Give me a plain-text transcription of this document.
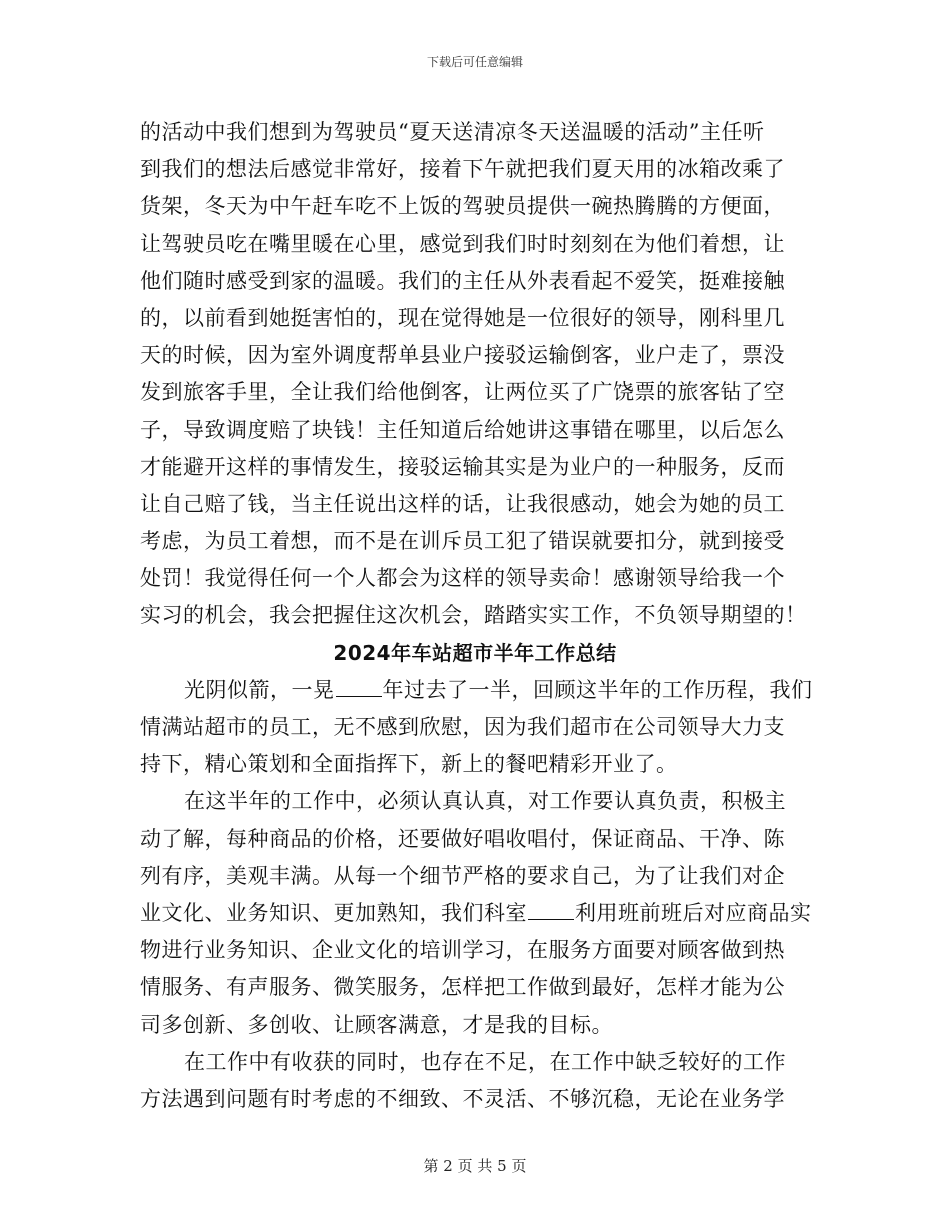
下载后可任意编辑
的活动中我们想到为驾驶员“夏天送清凉冬天送温暖的活动”主任听
到我们的想法后感觉非常好，接着下午就把我们夏天用的冰箱改乘了
货架，冬天为中午赶车吃不上饭的驾驶员提供一碗热腾腾的方便面，
让驾驶员吃在嘴里暖在心里，感觉到我们时时刻刻在为他们着想，让
他们随时感受到家的温暖。我们的主任从外表看起不爱笑，挺难接触
的，以前看到她挺害怕的，现在觉得她是一位很好的领导，刚科里几
天的时候，因为室外调度帮单县业户接驳运输倒客，业户走了，票没
发到旅客手里，全让我们给他倒客，让两位买了广饶票的旅客钻了空
子，导致调度赔了块钱！主任知道后给她讲这事错在哪里，以后怎么
才能避开这样的事情发生，接驳运输其实是为业户的一种服务，反而
让自己赔了钱，当主任说出这样的话，让我很感动，她会为她的员工
考虑，为员工着想，而不是在训斥员工犯了错误就要扣分，就到接受
处罚！我觉得任何一个人都会为这样的领导卖命！感谢领导给我一个
实习的机会，我会把握住这次机会，踏踏实实工作，不负领导期望的！
2024年车站超市半年工作总结
光阴似箭，一晃 年过去了一半，回顾这半年的工作历程，我们
情满站超市的员工，无不感到欣慰，因为我们超市在公司领导大力支
持下，精心策划和全面指挥下，新上的餐吧精彩开业了。
在这半年的工作中，必须认真认真，对工作要认真负责，积极主
动了解，每种商品的价格，还要做好唱收唱付，保证商品、干净、陈
列有序，美观丰满。从每一个细节严格的要求自己，为了让我们对企
业文化、业务知识、更加熟知，我们科室 利用班前班后对应商品实
物进行业务知识、企业文化的培训学习，在服务方面要对顾客做到热
情服务、有声服务、微笑服务，怎样把工作做到最好，怎样才能为公
司多创新、多创收、让顾客满意，才是我的目标。
在工作中有收获的同时，也存在不足，在工作中缺乏较好的工作
方法遇到问题有时考虑的不细致、不灵活、不够沉稳，无论在业务学
第 2 页 共 5 页
